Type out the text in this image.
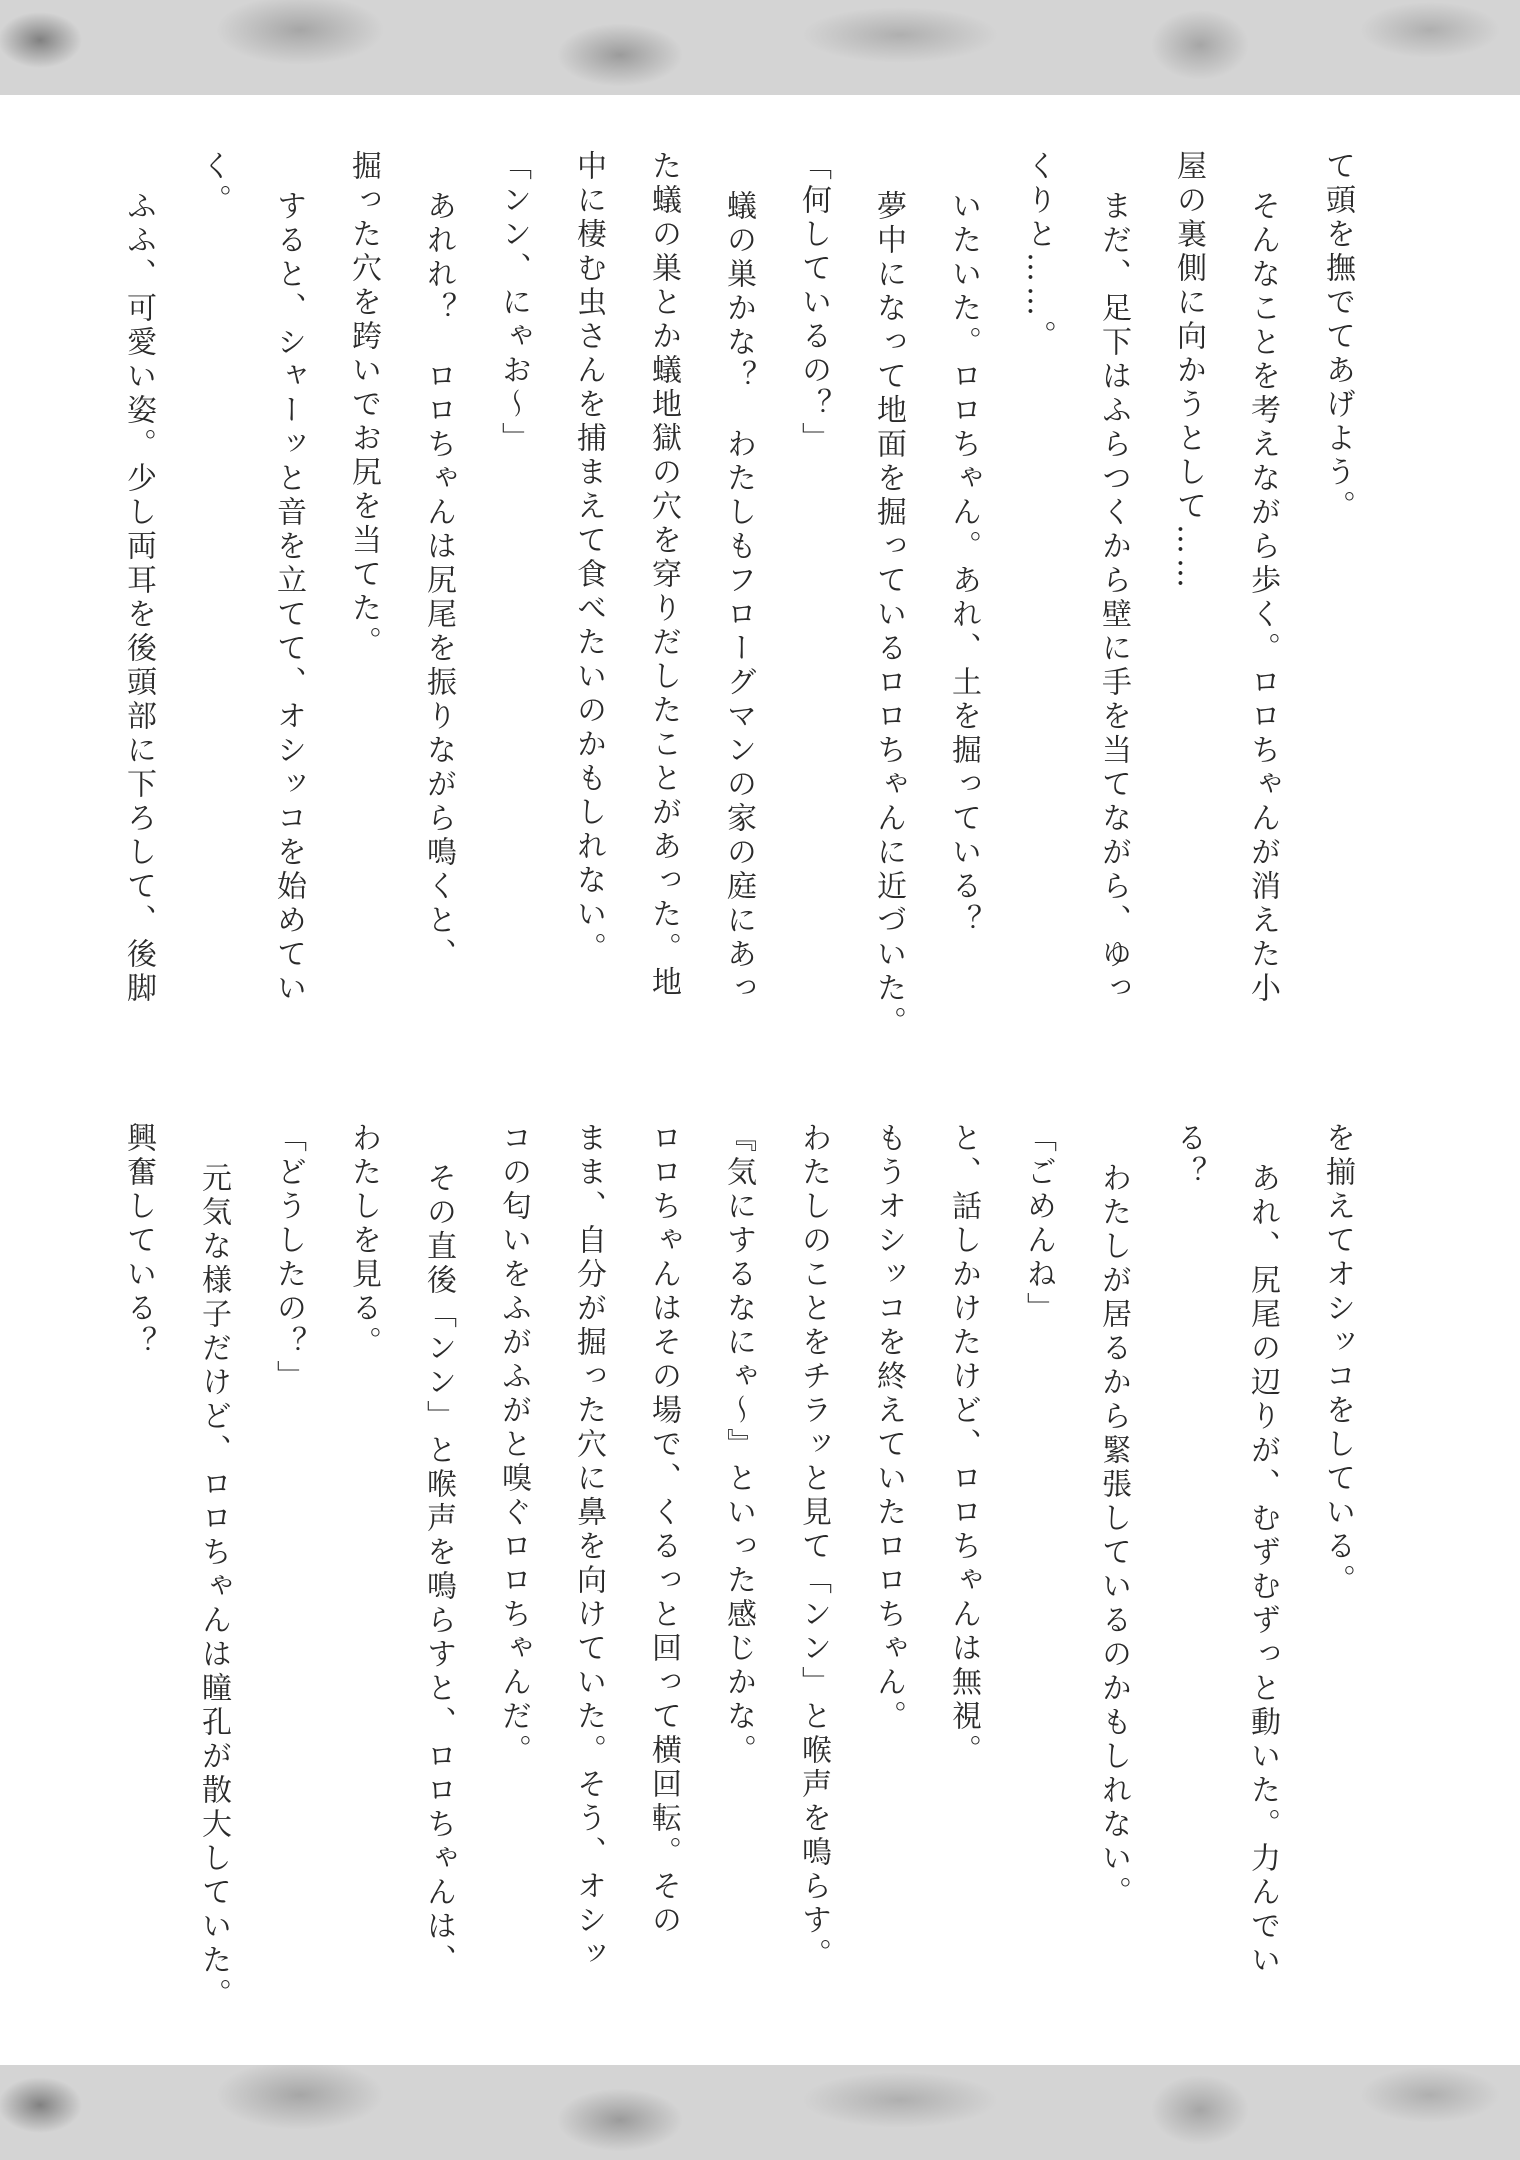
て頭を撫でてあげよう。
そんなことを考えながら歩く。ロロちゃんが消えた小
屋の裏側に向かうとして……
まだ、足下はふらつくから壁に手を当てながら、ゆっ
くりと……。
いたいた。ロロちゃん。あれ、土を掘っている？
夢中になって地面を掘っているロロちゃんに近づいた。
「何しているの？」
蟻の巣かな？　わたしもフローグマンの家の庭にあっ
た蟻の巣とか蟻地獄の穴を穿りだしたことがあった。地
中に棲む虫さんを捕まえて食べたいのかもしれない。
「ンン、にゃお〜」
あれれ？　ロロちゃんは尻尾を振りながら鳴くと、
掘った穴を跨いでお尻を当てた。
すると、シャーッと音を立てて、オシッコを始めてい
く。
ふふ、可愛い姿。少し両耳を後頭部に下ろして、後脚
を揃えてオシッコをしている。
あれ、尻尾の辺りが、むずむずっと動いた。力んでい
る？
わたしが居るから緊張しているのかもしれない。
「ごめんね」
と、話しかけたけど、ロロちゃんは無視。
もうオシッコを終えていたロロちゃん。
わたしのことをチラッと見て「ンン」と喉声を鳴らす。
『気にするなにゃ〜』といった感じかな。
ロロちゃんはその場で、くるっと回って横回転。その
まま、自分が掘った穴に鼻を向けていた。そう、オシッ
コの匂いをふがふがと嗅ぐロロちゃんだ。
その直後「ンン」と喉声を鳴らすと、ロロちゃんは、
わたしを見る。
「どうしたの？」
元気な様子だけど、ロロちゃんは瞳孔が散大していた。
興奮している？
